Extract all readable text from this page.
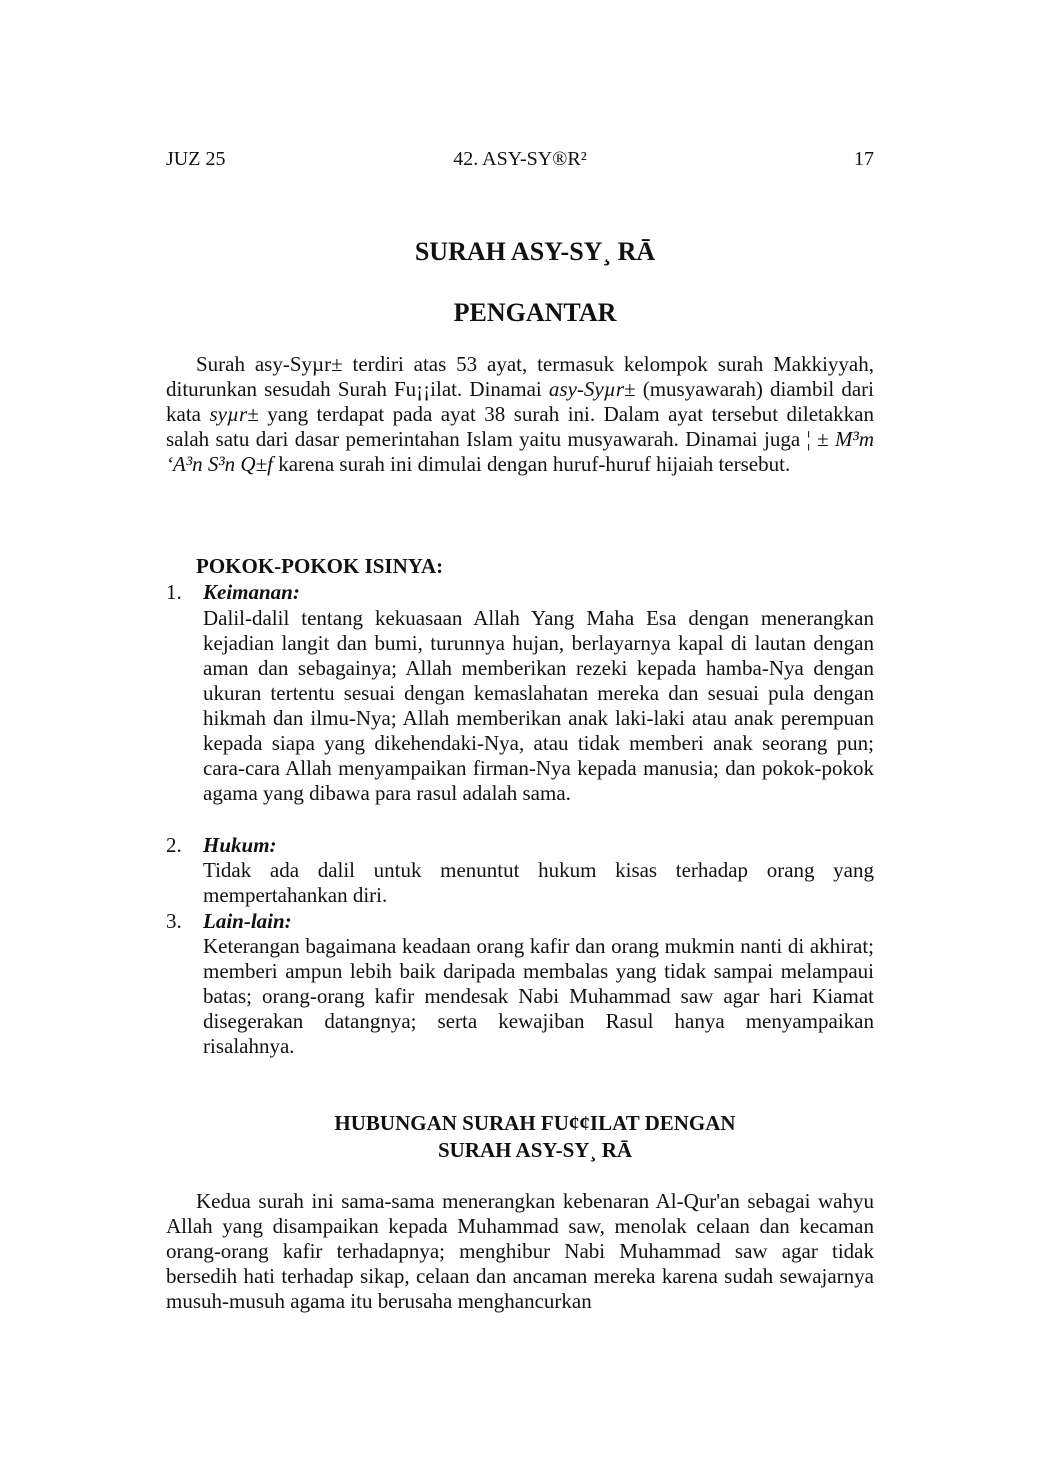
JUZ 25	42. ASY-SY®R²	17
SURAH ASY-SY¸ RĀ
PENGANTAR

Surah asy-Syµr± terdiri atas 53 ayat, termasuk kelompok surah Makkiyyah, diturunkan sesudah Surah Fu¡¡ilat. Dinamai asy-Syµr± (musyawarah) diambil dari kata syµr± yang terdapat pada ayat 38 surah ini. Dalam ayat tersebut diletakkan salah satu dari dasar pemerintahan Islam yaitu musyawarah. Dinamai juga ¦ ± M³m ‘A³n S³n Q±f karena surah ini dimulai dengan huruf-huruf hijaiah tersebut.

POKOK-POKOK ISINYA:
1. Keimanan:

Dalil-dalil tentang kekuasaan Allah Yang Maha Esa dengan menerangkan kejadian langit dan bumi, turunnya hujan, berlayarnya kapal di lautan dengan aman dan sebagainya; Allah memberikan rezeki kepada hamba-Nya dengan ukuran tertentu sesuai dengan kemaslahatan mereka dan sesuai pula dengan hikmah dan ilmu-Nya; Allah memberikan anak laki-laki atau anak perempuan kepada siapa yang dikehendaki-Nya, atau tidak memberi anak seorang pun; cara-cara Allah menyampaikan firman-Nya kepada manusia; dan pokok-pokok agama yang dibawa para rasul adalah sama.

2. Hukum:

Tidak ada dalil untuk menuntut hukum kisas terhadap orang yang mempertahankan diri.

3. Lain-lain:

Keterangan bagaimana keadaan orang kafir dan orang mukmin nanti di akhirat; memberi ampun lebih baik daripada membalas yang tidak sampai melampaui batas; orang-orang kafir mendesak Nabi Muhammad saw agar hari Kiamat disegerakan datangnya; serta kewajiban Rasul hanya menyampaikan risalahnya.

HUBUNGAN SURAH FU¢¢ILAT DENGAN
SURAH ASY-SY¸ RĀ

Kedua surah ini sama-sama menerangkan kebenaran Al-Qur'an sebagai wahyu Allah yang disampaikan kepada Muhammad saw, menolak celaan dan kecaman orang-orang kafir terhadapnya; menghibur Nabi Muhammad saw agar tidak bersedih hati terhadap sikap, celaan dan ancaman mereka karena sudah sewajarnya musuh-musuh agama itu berusaha menghancurkan
